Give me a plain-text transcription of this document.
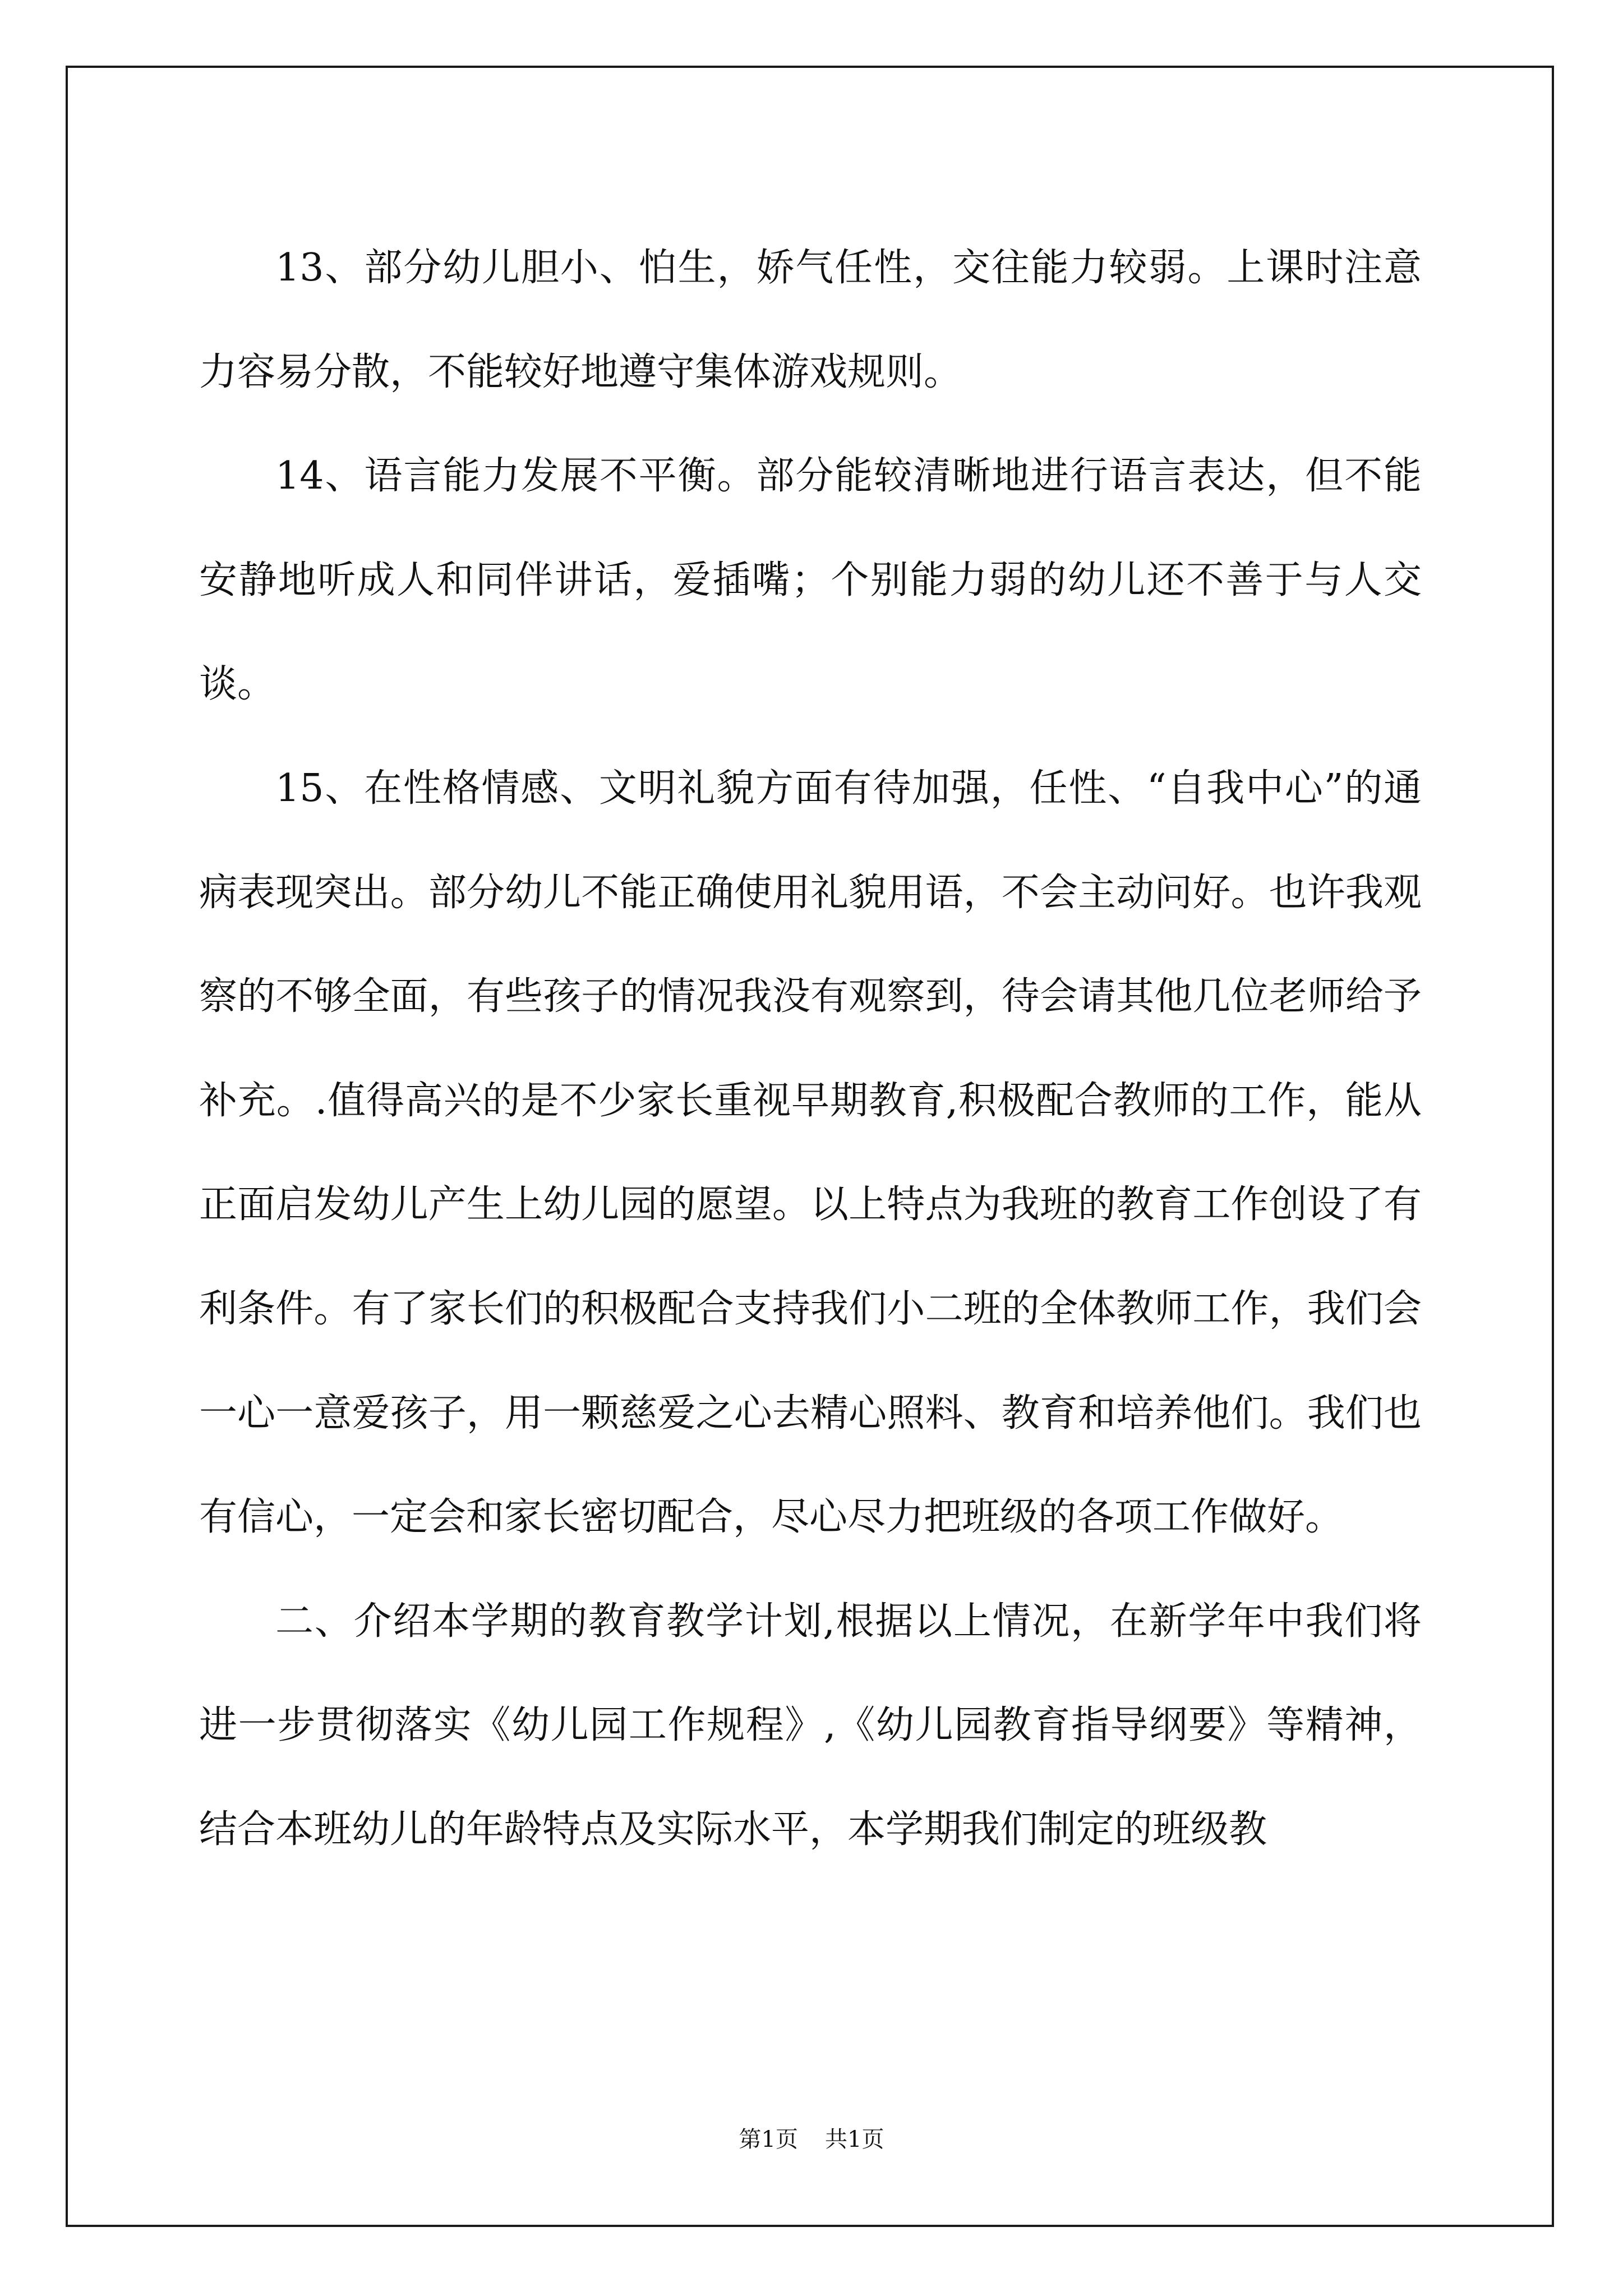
13、部分幼儿胆小、怕生，娇气任性，交往能力较弱。上课时注意力容易分散，不能较好地遵守集体游戏规则。

14、语言能力发展不平衡。部分能较清晰地进行语言表达，但不能安静地听成人和同伴讲话，爱插嘴；个别能力弱的幼儿还不善于与人交谈。

15、在性格情感、文明礼貌方面有待加强，任性、“自我中心”的通病表现突出。部分幼儿不能正确使用礼貌用语，不会主动问好。也许我观察的不够全面，有些孩子的情况我没有观察到，待会请其他几位老师给予补充。.值得高兴的是不少家长重视早期教育,积极配合教师的工作，能从正面启发幼儿产生上幼儿园的愿望。以上特点为我班的教育工作创设了有利条件。有了家长们的积极配合支持我们小二班的全体教师工作，我们会一心一意爱孩子，用一颗慈爱之心去精心照料、教育和培养他们。我们也有信心，一定会和家长密切配合，尽心尽力把班级的各项工作做好。

二、介绍本学期的教育教学计划,根据以上情况，在新学年中我们将进一步贯彻落实《幼儿园工作规程》,《幼儿园教育指导纲要》等精神，结合本班幼儿的年龄特点及实际水平，本学期我们制定的班级教

第1页 共1页
